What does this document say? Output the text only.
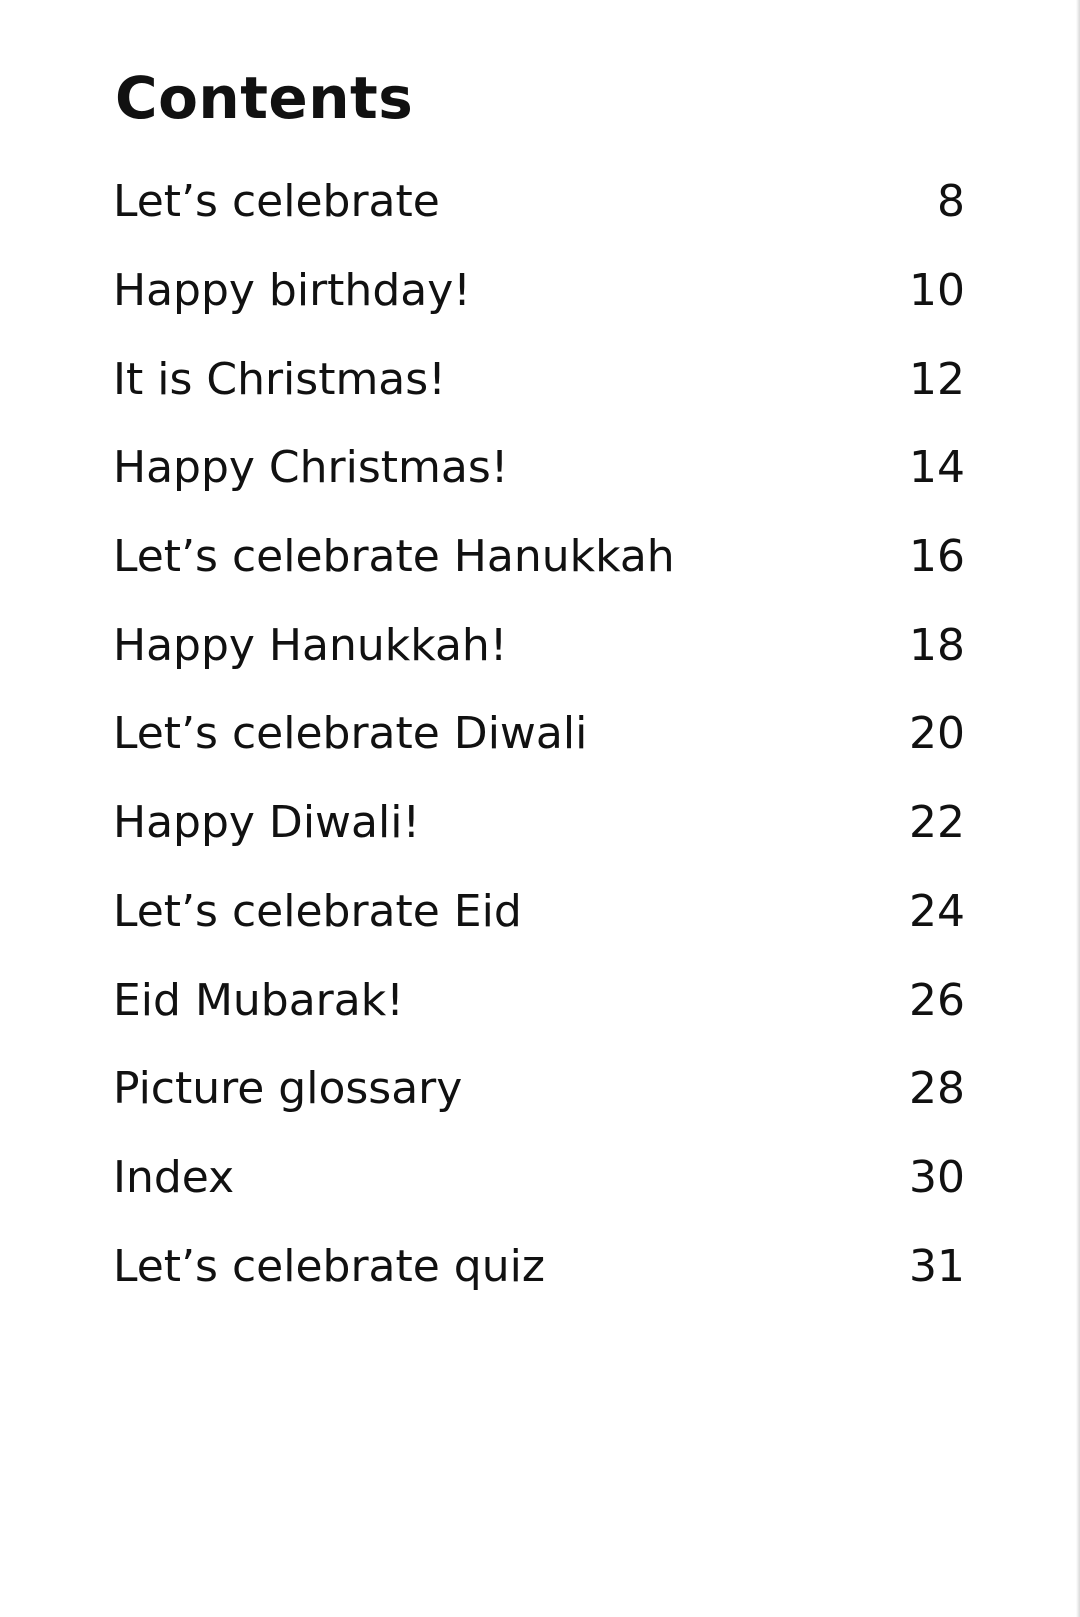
Contents
Let’s celebrate	8
Happy birthday!	10
It is Christmas!	12
Happy Christmas!	14
Let’s celebrate Hanukkah	16
Happy Hanukkah!	18
Let’s celebrate Diwali	20
Happy Diwali!	22
Let’s celebrate Eid	24
Eid Mubarak!	26
Picture glossary	28
Index	30
Let’s celebrate quiz	31
